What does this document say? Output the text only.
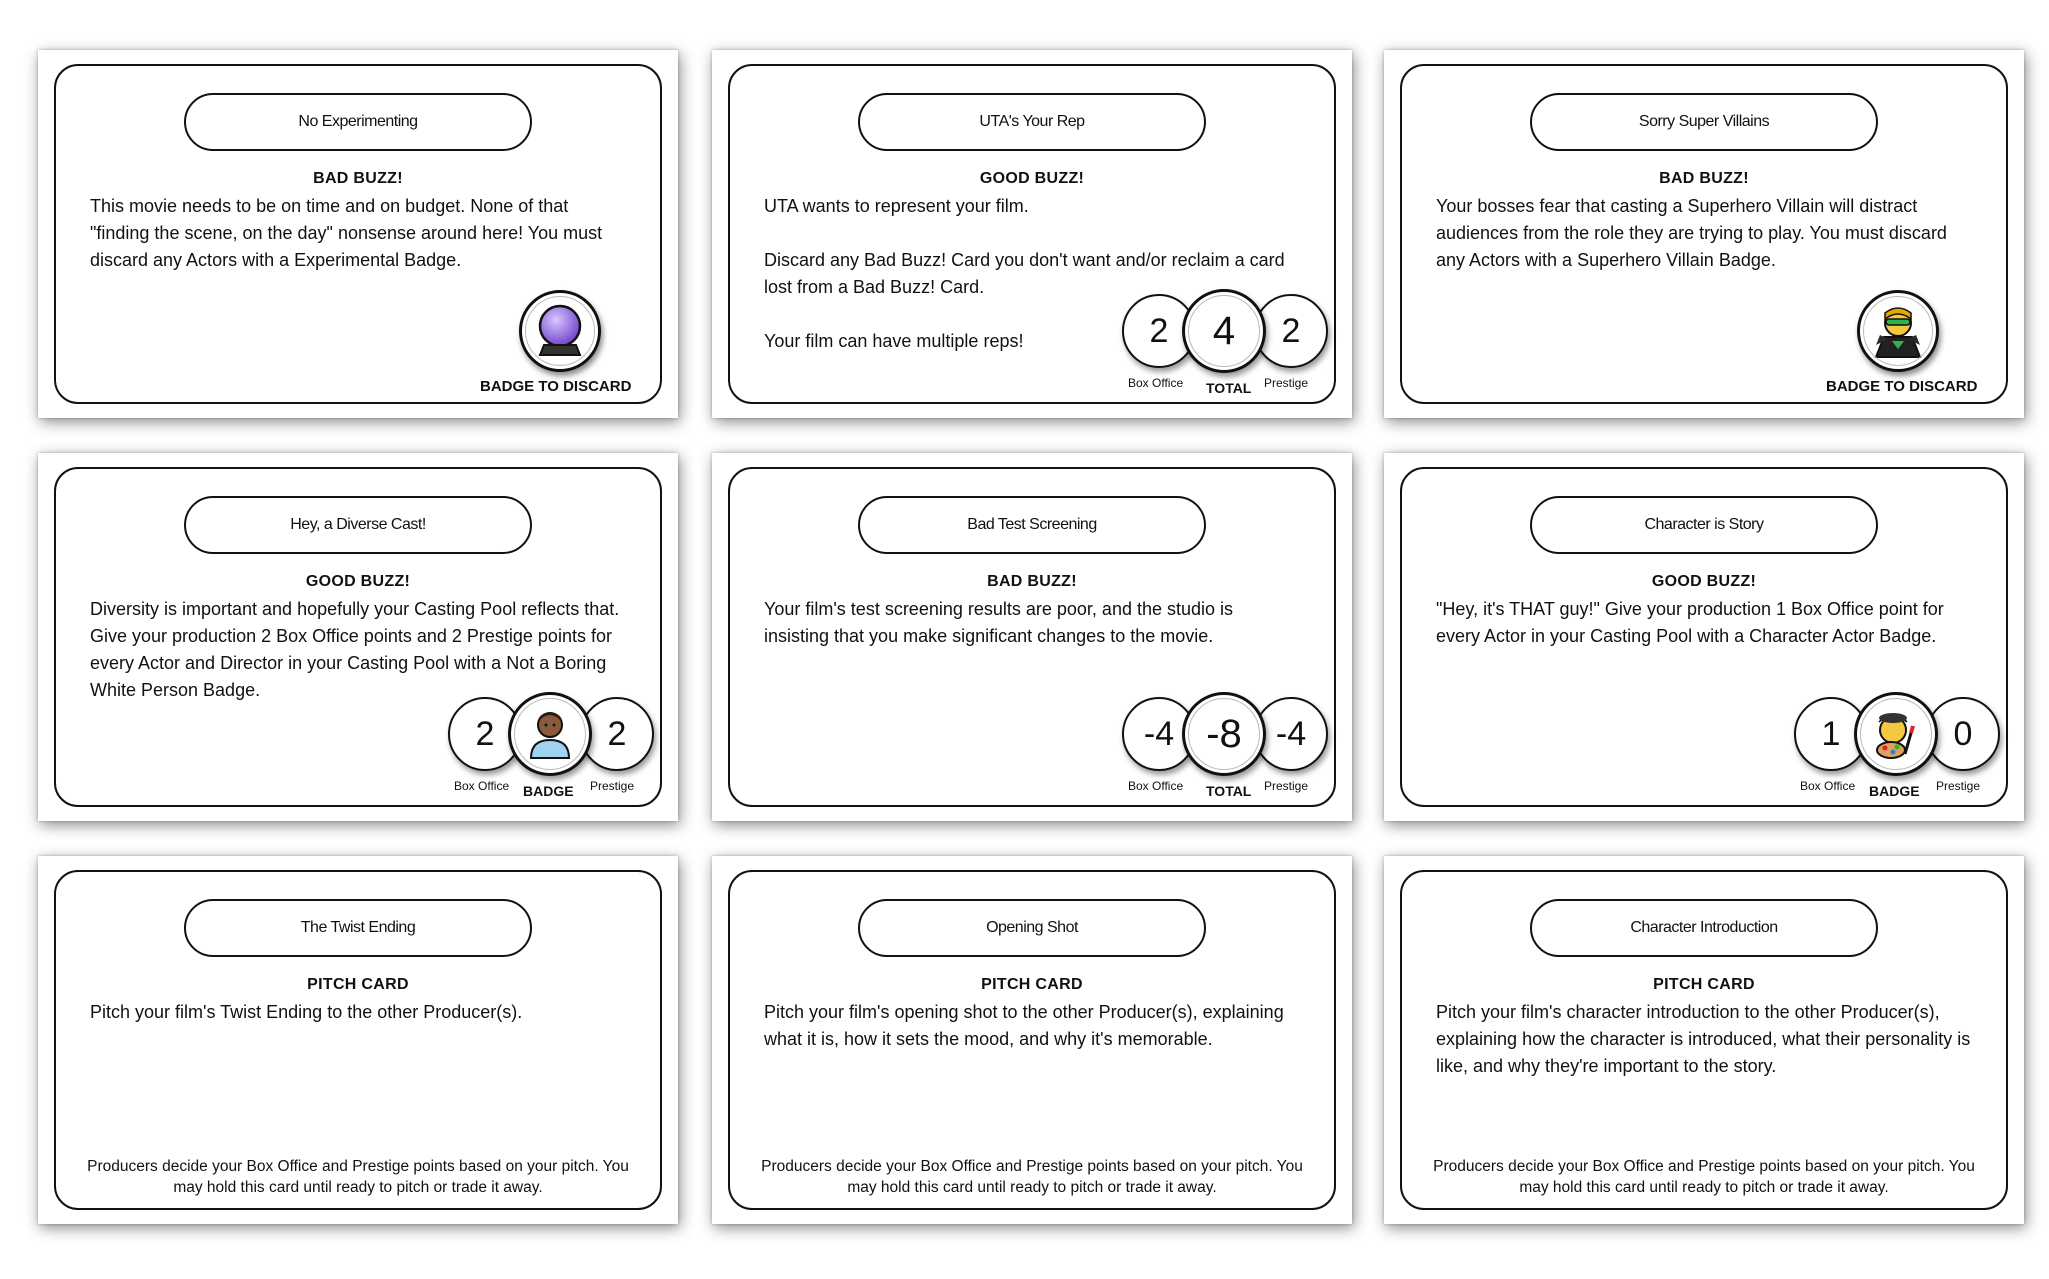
No Experimenting
BAD BUZZ!
This movie needs to be on time and on budget. None of that "finding the scene, on the day" nonsense around here! You must discard any Actors with a Experimental Badge.
BADGE TO DISCARD
UTA's Your Rep
GOOD BUZZ!
UTA wants to represent your film.

Discard any Bad Buzz! Card you don't want and/or reclaim a card lost from a Bad Buzz! Card.

Your film can have multiple reps!	2	4	2
Box Office TOTAL Prestige
Sorry Super Villains
BAD BUZZ!
Your bosses fear that casting a Superhero Villain will distract audiences from the role they are trying to play. You must discard any Actors with a Superhero Villain Badge.
BADGE TO DISCARD
Hey, a Diverse Cast!
GOOD BUZZ!
Diversity is important and hopefully your Casting Pool reflects that. Give your production 2 Box Office points and 2 Prestige points for every Actor and Director in your Casting Pool with a Not a Boring White Person Badge.
2	2
Box Office BADGE Prestige
Bad Test Screening
BAD BUZZ!
Your film's test screening results are poor, and the studio is insisting that you make significant changes to the movie.
-4 -8	-4
Box Office TOTAL Prestige
Character is Story
GOOD BUZZ!
"Hey, it's THAT guy!" Give your production 1 Box Office point for every Actor in your Casting Pool with a Character Actor Badge.
1	0
Box Office BADGE Prestige
The Twist Ending
PITCH CARD
Pitch your film's Twist Ending to the other Producer(s).
Producers decide your Box Office and Prestige points based on your pitch. You may hold this card until ready to pitch or trade it away.
Opening Shot
PITCH CARD
Pitch your film's opening shot to the other Producer(s), explaining what it is, how it sets the mood, and why it's memorable.
Producers decide your Box Office and Prestige points based on your pitch. You may hold this card until ready to pitch or trade it away.
Character Introduction
PITCH CARD
Pitch your film's character introduction to the other Producer(s), explaining how the character is introduced, what their personality is like, and why they're important to the story.
Producers decide your Box Office and Prestige points based on your pitch. You may hold this card until ready to pitch or trade it away.
